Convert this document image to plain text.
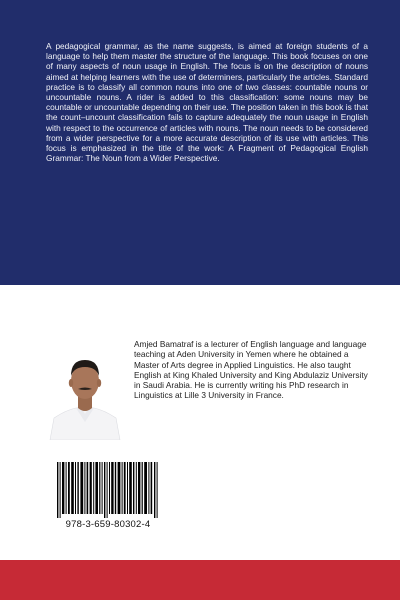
A pedagogical grammar, as the name suggests, is aimed at foreign students of a language to help them master the structure of the language. This book focuses on one of many aspects of noun usage in English. The focus is on the description of nouns aimed at helping learners with the use of determiners, particularly the articles. Standard practice is to classify all common nouns into one of two classes: countable nouns or uncountable nouns. A rider is added to this classification: some nouns may be countable or uncountable depending on their use. The position taken in this book is that the count–uncount classification fails to capture adequately the noun usage in English with respect to the occurrence of articles with nouns. The noun needs to be considered from a wider perspective for a more accurate description of its use with articles. This focus is emphasized in the title of the work: A Fragment of Pedagogical English Grammar: The Noun from a Wider Perspective.

Amjed Bamatraf is a lecturer of English language and language teaching at Aden University in Yemen where he obtained a Master of Arts degree in Applied Linguistics. He also taught English at King Khaled University and King Abdulaziz University in Saudi Arabia. He is currently writing his PhD research in Linguistics at Lille 3 University in France.

978-3-659-80302-4
